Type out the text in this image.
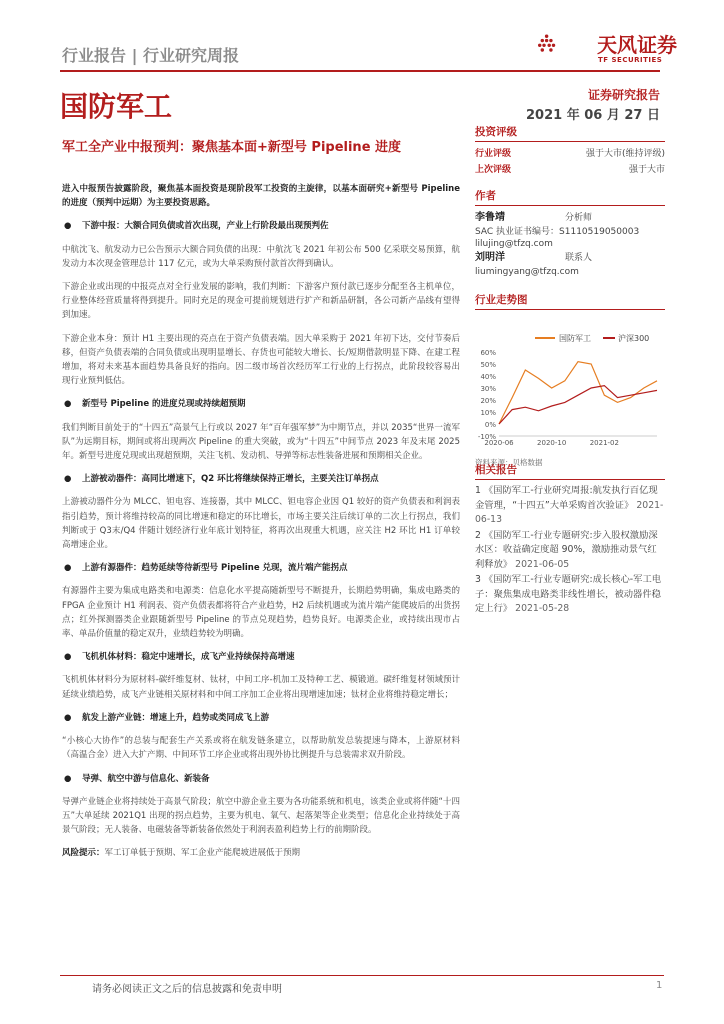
行业报告 | 行业研究周报	天风证券
TF SECURITIES
国防军工	证券研究报告
2021 年 06 月 27 日
军工全产业中报预判：聚焦基本面+新型号 Pipeline 进度

进入中报预告披露阶段，聚焦基本面投资是现阶段军工投资的主旋律，以基本面研究+新型号 Pipeline 的进度（预判中远期）为主要投资思路。

● 下游中报：大额合同负债或首次出现，产业上行阶段最出现预判佐

中航沈飞、航发动力已公告预示大额合同负债的出现：中航沈飞 2021 年初公布 500 亿采联交易预算，航发动力本次现金管理总计 117 亿元，或为大单采购预付款首次得到确认。

下游企业或出现的中报亮点对全行业发展的影响，我们判断：下游客户预付款已逐步分配至各主机单位，行业整体经营质量将得到提升。同时充足的现金可提前规划进行扩产和新品研制，各公司新产品线有望得到加速。

下游企业本身：预计 H1 主要出现的亮点在于资产负债表端。因大单采购于 2021 年初下达，交付节奏后移，但资产负债表端的合同负债或出现明显增长、存货也可能较大增长、长/短期借款明显下降、在建工程增加，将对未来基本面趋势具备良好的指向。因二级市场首次经历军工行业的上行拐点，此阶段较容易出现行业预判低估。

● 新型号 Pipeline 的进度兑现或持续超预期

我们判断目前处于的“十四五”高景气上行或以 2027 年“百年强军梦”为中期节点，并以 2035“世界一流军队”为远期目标，期间或将出现两次 Pipeline 的重大突破，或为“十四五”中间节点 2023 年及末尾 2025 年。新型号进度兑现或出现超预期，关注飞机、发动机、导弹等标志性装备进展和预期相关企业。

● 上游被动器件：高同比增速下，Q2 环比将继续保持正增长，主要关注订单拐点

上游被动器件分为 MLCC、钽电容、连接器，其中 MLCC、钽电容企业因 Q1 较好的资产负债表和利润表指引趋势，预计将维持较高的同比增速和稳定的环比增长，市场主要关注后续订单的二次上行拐点，我们判断或于 Q3末/Q4 伴随计划经济行业年底计划特征，将再次出现重大机遇，应关注 H2 环比 H1 订单较高增速企业。

● 上游有源器件：趋势延续等待新型号 Pipeline 兑现，流片端产能拐点

有源器件主要为集成电路类和电源类：信息化水平提高随新型号不断提升，长期趋势明确，集成电路类的 FPGA 企业预计 H1 利润表、资产负债表都将符合产业趋势，H2 后续机遇或为流片端产能爬坡后的出货拐点；红外探测器类企业跟随新型号 Pipeline 的节点兑现趋势，趋势良好。电源类企业，或持续出现市占率、单品价值量的稳定双升，业绩趋势较为明确。

● 飞机机体材料：稳定中速增长，成飞产业持续保持高增速

飞机机体材料分为原材料-碳纤维复材、钛材，中间工序-机加工及特种工艺、模锻道。碳纤维复材领域预计延续业绩趋势，成飞产业链相关原材料和中间工序加工企业将出现增速加速；钛材企业将维持稳定增长；

● 航发上游产业链：增速上升，趋势或类同成飞上游

“小核心大协作”的总装与配套生产关系或将在航发链条建立，以帮助航发总装提速与降本，上游原材料（高温合金）进入大扩产期、中间环节工序企业或将出现外协比例提升与总装需求双升阶段。

● 导弹、航空中游与信息化、新装备

导弹产业链企业将持续处于高景气阶段；航空中游企业主要为各功能系统和机电，该类企业或将伴随“十四五”大单延续 2021Q1 出现的拐点趋势，主要为机电、氧气、起落架等企业类型；信息化企业持续处于高景气阶段；无人装备、电磁装备等新装备依然处于利润表盈利趋势上行的前期阶段。

风险提示：军工订单低于预期、军工企业产能爬坡进展低于预期

投资评级
行业评级	强于大市(维持评级)
上次评级	强于大市
作者
李鲁靖	分析师
SAC 执业证书编号：S1110519050003
lilujing@tfzq.com
刘明洋	联系人
liumingyang@tfzq.com
行业走势图
国防军工	沪深300
-10%
0%
10%
20%
30%
40%
50%
60%
2020-06	2020-10	2021-02
资料来源：贝格数据
相关报告

1 《国防军工-行业研究周报:航发执行百亿现金管理，“十四五”大单采购首次验证》 2021-06-13

2 《国防军工-行业专题研究:步入股权激励深水区：收益确定度超 90%，激励推动景气红利释放》 2021-06-05

3 《国防军工-行业专题研究:成长核心-军工电子：聚焦集成电路类非线性增长，被动器件稳定上行》 2021-05-28

请务必阅读正文之后的信息披露和免责申明	1
